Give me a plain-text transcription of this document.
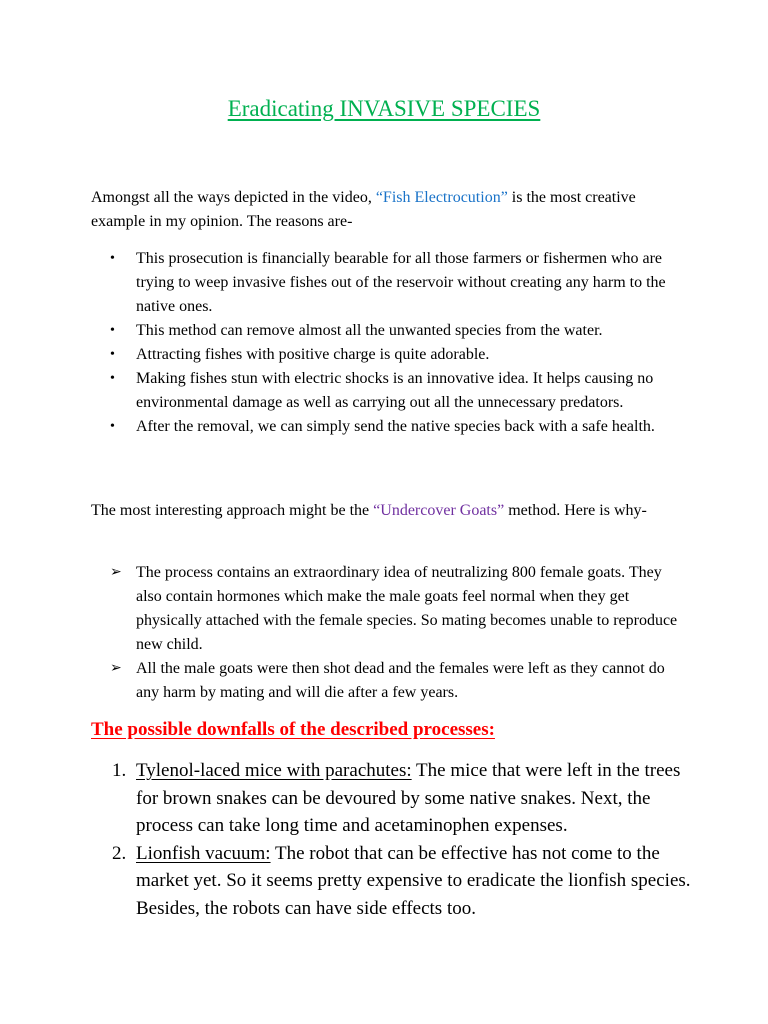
Eradicating INVASIVE SPECIES

Amongst all the ways depicted in the video, “Fish Electrocution” is the most creative example in my opinion. The reasons are-

•	This prosecution is financially bearable for all those farmers or fishermen who are trying to weep invasive fishes out of the reservoir without creating any harm to the native ones.
•	This method can remove almost all the unwanted species from the water.
•	Attracting fishes with positive charge is quite adorable.
•	Making fishes stun with electric shocks is an innovative idea. It helps causing no environmental damage as well as carrying out all the unnecessary predators.
•	After the removal, we can simply send the native species back with a safe health.

The most interesting approach might be the “Undercover Goats” method. Here is why-

➢ The process contains an extraordinary idea of neutralizing 800 female goats. They also contain hormones which make the male goats feel normal when they get physically attached with the female species. So mating becomes unable to reproduce new child.
➢ All the male goats were then shot dead and the females were left as they cannot do any harm by mating and will die after a few years.
The possible downfalls of the described processes:
1. Tylenol-laced mice with parachutes: The mice that were left in the trees for brown snakes can be devoured by some native snakes. Next, the process can take long time and acetaminophen expenses.
2. Lionfish vacuum: The robot that can be effective has not come to the market yet. So it seems pretty expensive to eradicate the lionfish species. Besides, the robots can have side effects too.
